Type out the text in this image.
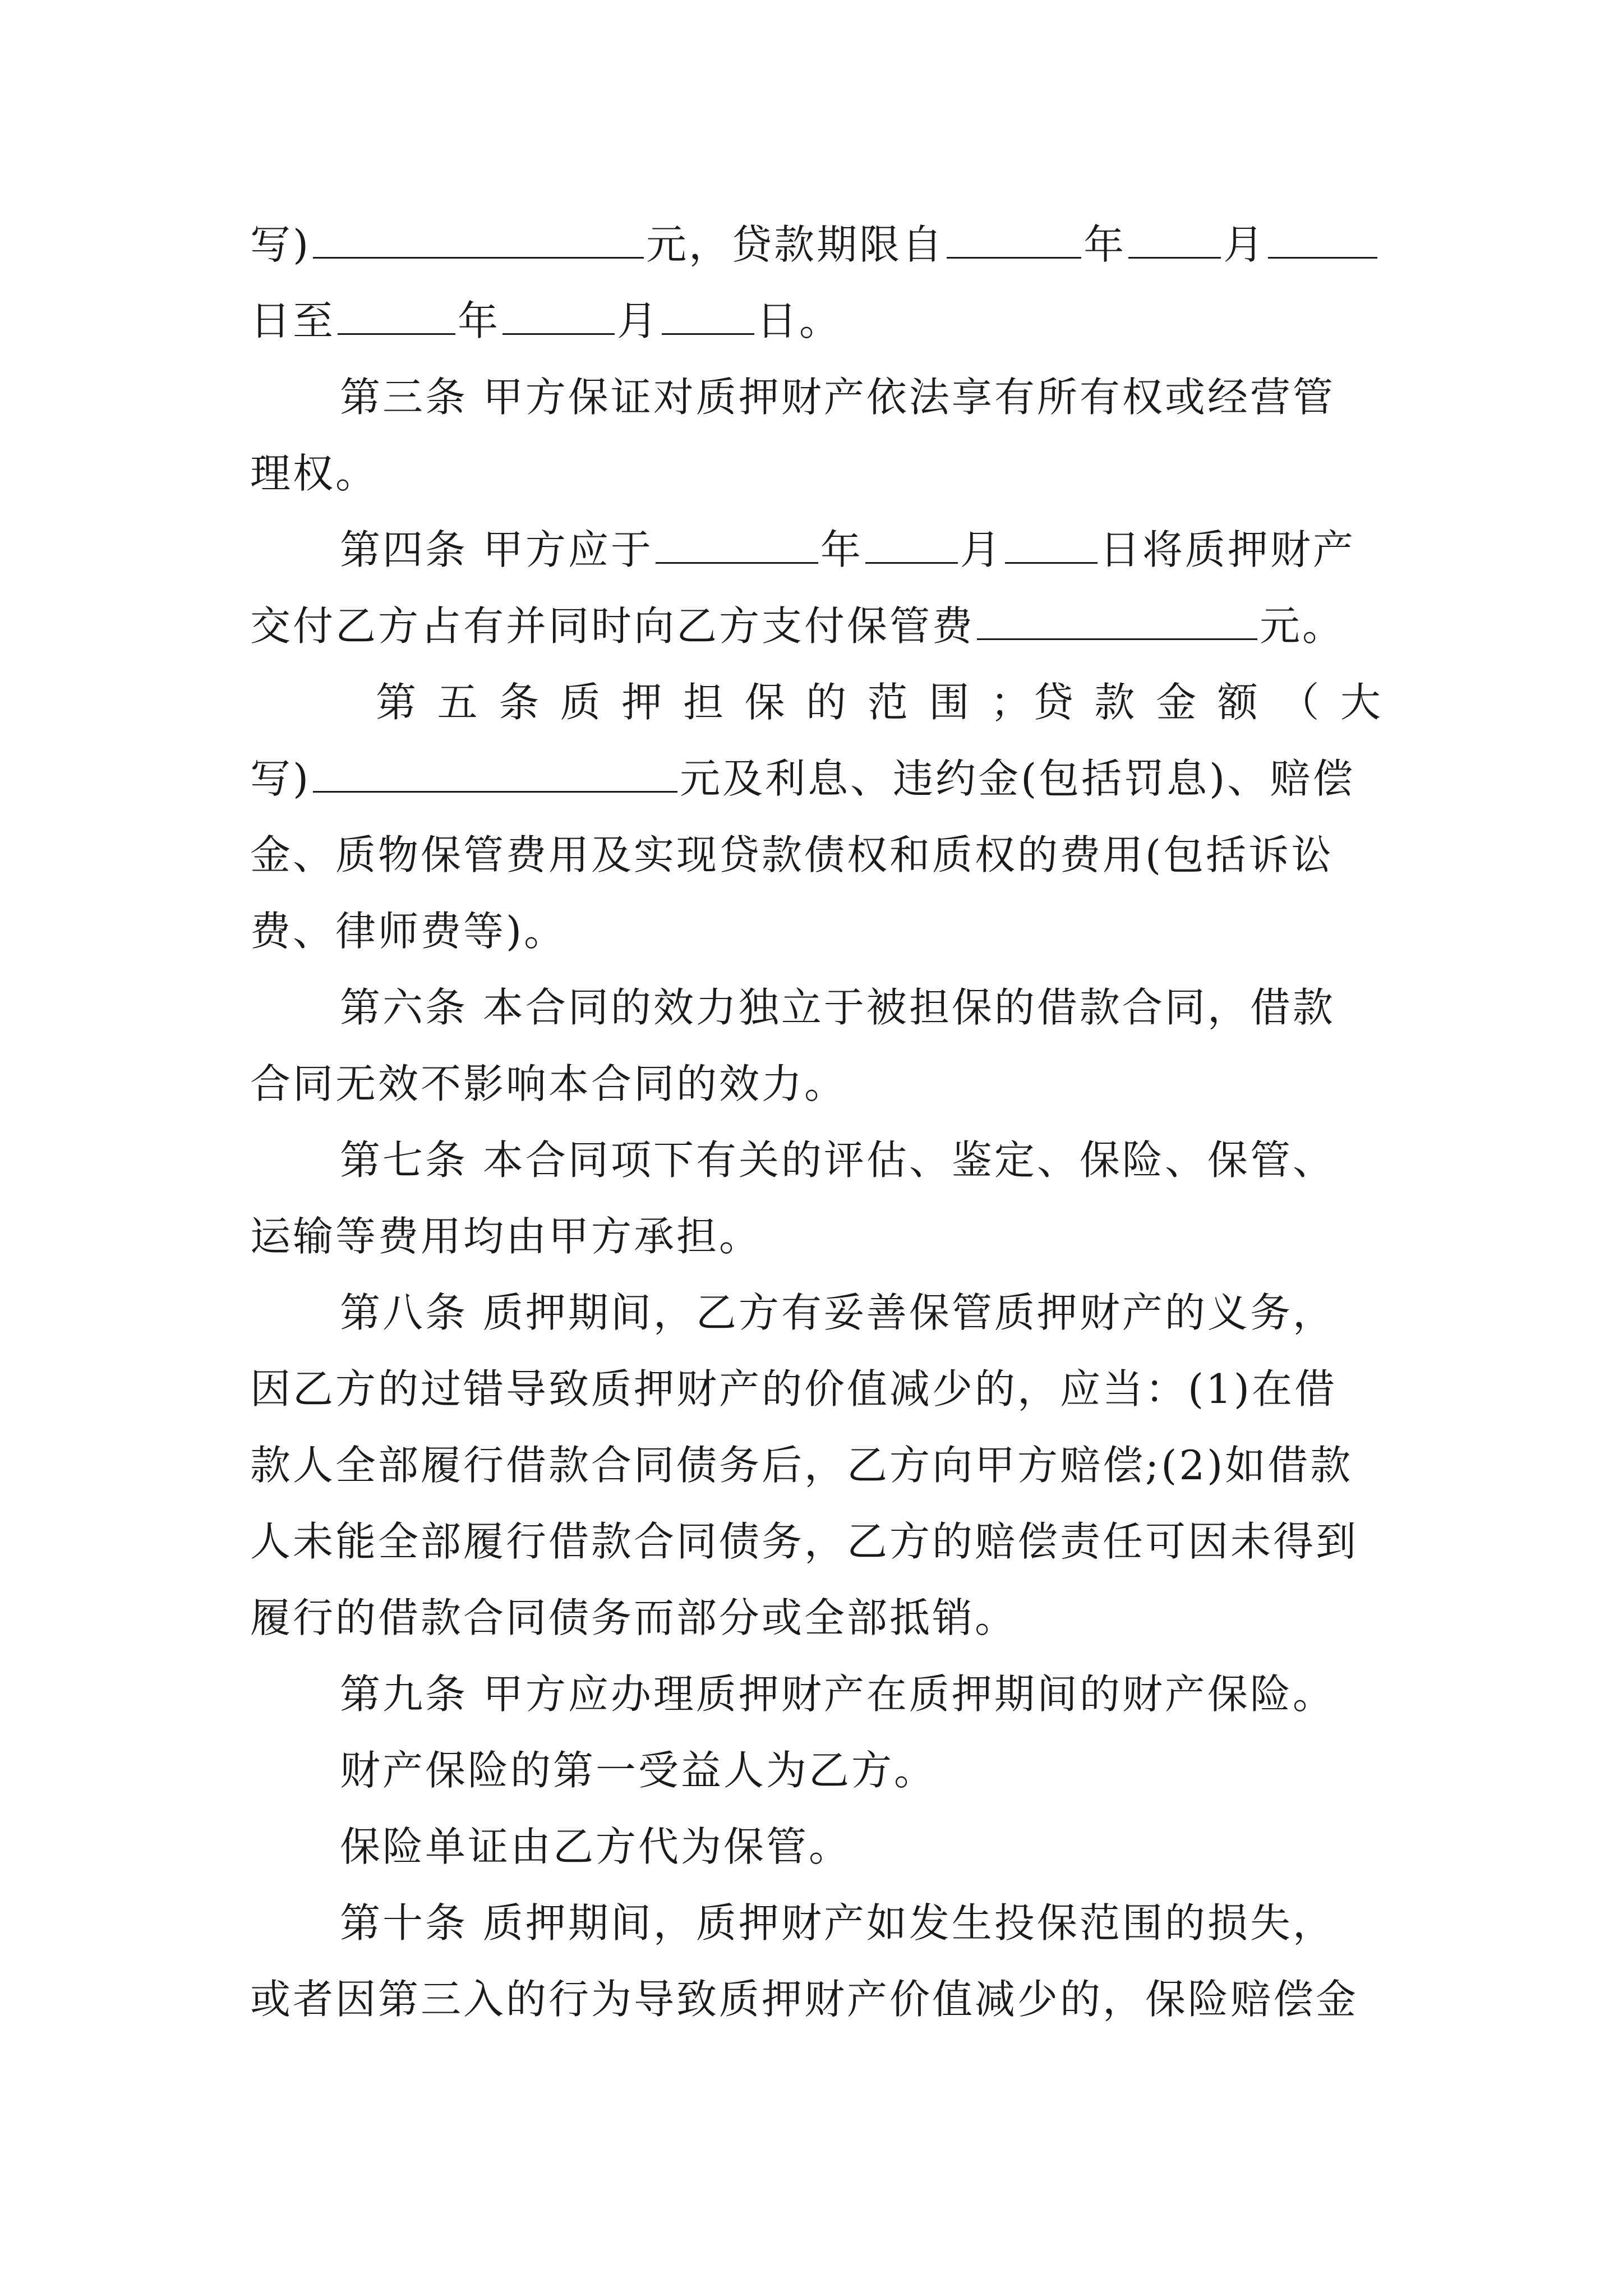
写)	元，贷款期限自	年 月
日至	年	月 日。
第三条 甲方保证对质押财产依法享有所有权或经营管
理权。
第四条 甲方应于	年 月 日将质押财产
交付乙方占有并同时向乙方支付保管费	元。
第 五 条 质 押 担 保 的 范 围 ；贷 款 金 额 （ 大
写)	元及利息、违约金(包括罚息)、赔偿
金、质物保管费用及实现贷款债权和质权的费用(包括诉讼
费、律师费等)。
第六条 本合同的效力独立于被担保的借款合同，借款
合同无效不影响本合同的效力。
第七条 本合同项下有关的评估、鉴定、保险、保管、
运输等费用均由甲方承担。
第八条 质押期间，乙方有妥善保管质押财产的义务，
因乙方的过错导致质押财产的价值减少的，应当：(1)在借
款人全部履行借款合同债务后，乙方向甲方赔偿;(2)如借款
人未能全部履行借款合同债务，乙方的赔偿责任可因未得到
履行的借款合同债务而部分或全部抵销。
第九条 甲方应办理质押财产在质押期间的财产保险。
财产保险的第一受益人为乙方。
保险单证由乙方代为保管。
第十条 质押期间，质押财产如发生投保范围的损失，
或者因第三入的行为导致质押财产价值减少的，保险赔偿金
